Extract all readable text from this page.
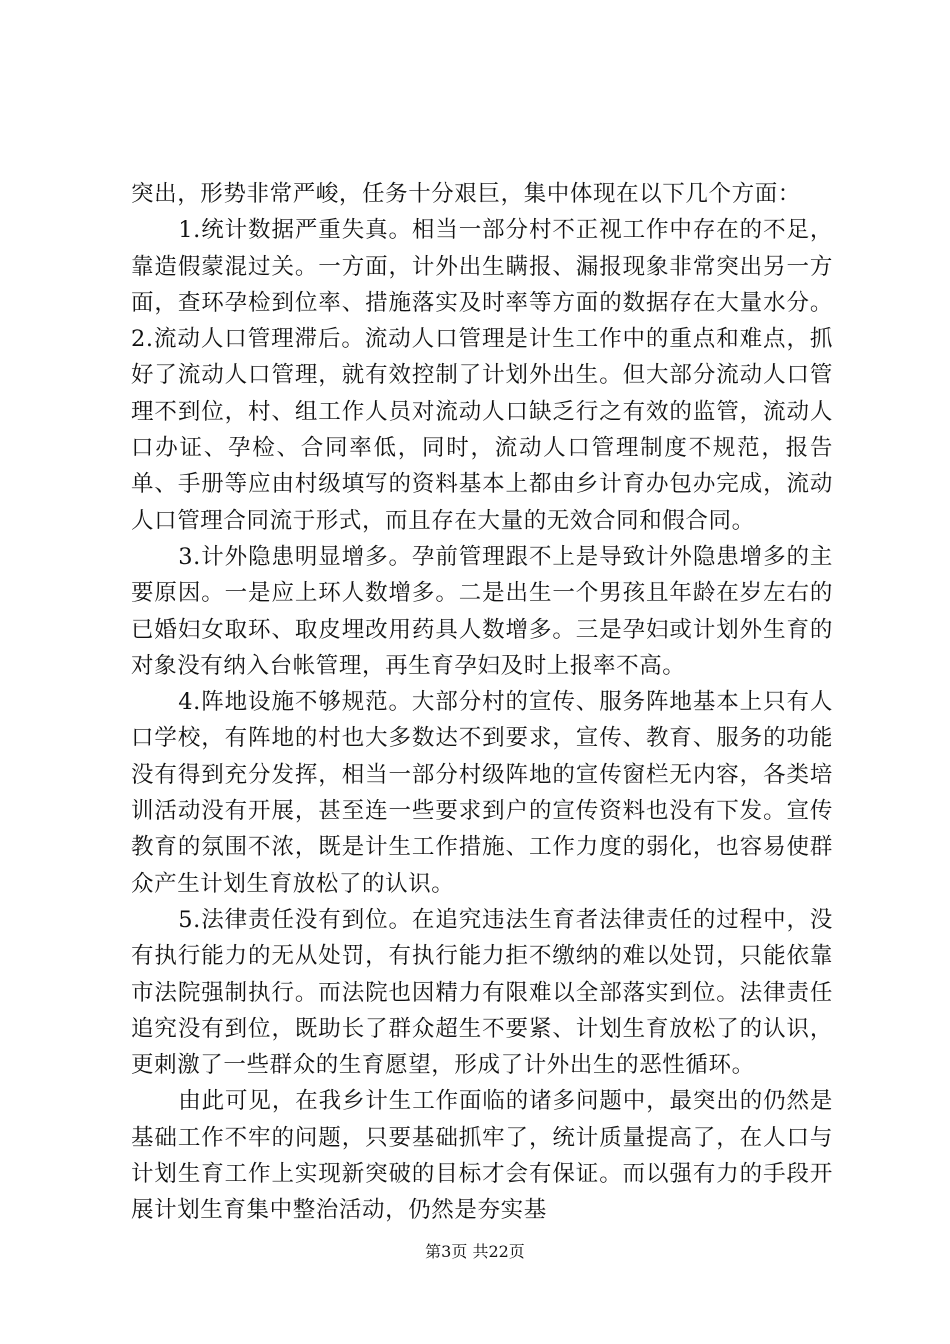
突出，形势非常严峻，任务十分艰巨，集中体现在以下几个方面：

1.统计数据严重失真。相当一部分村不正视工作中存在的不足，靠造假蒙混过关。一方面，计外出生瞒报、漏报现象非常突出另一方面，查环孕检到位率、措施落实及时率等方面的数据存在大量水分。 2.流动人口管理滞后。流动人口管理是计生工作中的重点和难点，抓好了流动人口管理，就有效控制了计划外出生。但大部分流动人口管理不到位，村、组工作人员对流动人口缺乏行之有效的监管，流动人口办证、孕检、合同率低，同时，流动人口管理制度不规范，报告单、手册等应由村级填写的资料基本上都由乡计育办包办完成，流动人口管理合同流于形式，而且存在大量的无效合同和假合同。

3.计外隐患明显增多。孕前管理跟不上是导致计外隐患增多的主要原因。一是应上环人数增多。二是出生一个男孩且年龄在岁左右的已婚妇女取环、取皮埋改用药具人数增多。三是孕妇或计划外生育的对象没有纳入台帐管理，再生育孕妇及时上报率不高。

4.阵地设施不够规范。大部分村的宣传、服务阵地基本上只有人口学校，有阵地的村也大多数达不到要求，宣传、教育、服务的功能没有得到充分发挥，相当一部分村级阵地的宣传窗栏无内容，各类培训活动没有开展，甚至连一些要求到户的宣传资料也没有下发。宣传教育的氛围不浓，既是计生工作措施、工作力度的弱化，也容易使群众产生计划生育放松了的认识。

5.法律责任没有到位。在追究违法生育者法律责任的过程中，没有执行能力的无从处罚，有执行能力拒不缴纳的难以处罚，只能依靠市法院强制执行。而法院也因精力有限难以全部落实到位。法律责任追究没有到位，既助长了群众超生不要紧、计划生育放松了的认识，更刺激了一些群众的生育愿望，形成了计外出生的恶性循环。

由此可见，在我乡计生工作面临的诸多问题中，最突出的仍然是基础工作不牢的问题，只要基础抓牢了，统计质量提高了，在人口与计划生育工作上实现新突破的目标才会有保证。而以强有力的手段开展计划生育集中整治活动，仍然是夯实基

第3页 共22页
